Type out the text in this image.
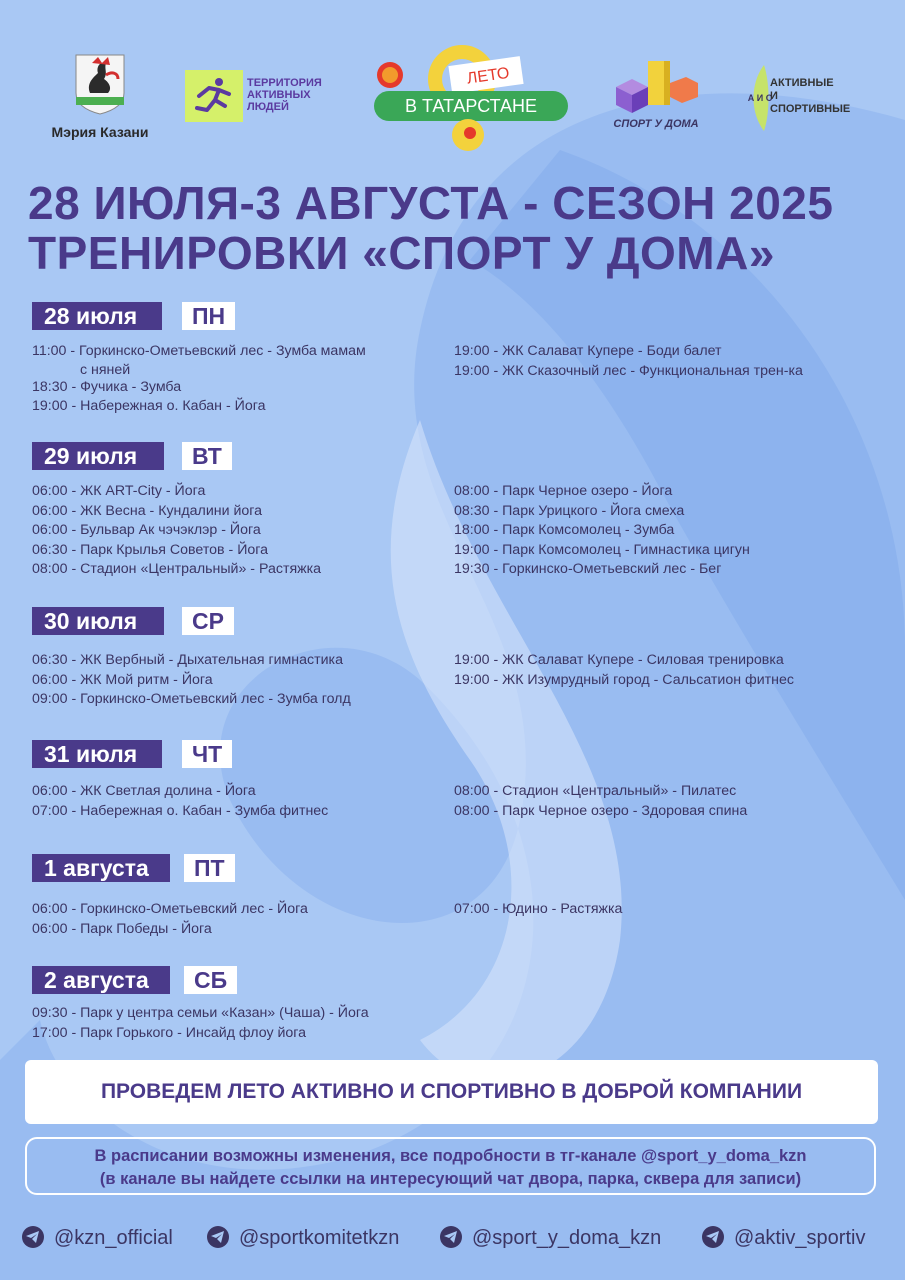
Мэрия Казани
ТЕРРИТОРИЯ
АКТИВНЫХ
ЛЮДЕЙ
ЛЕТО
В ТАТАРСТАНЕ
СПОРТ У ДОМА
А И С
АКТИВНЫЕ
И
СПОРТИВНЫЕ
28 ИЮЛЯ-3 АВГУСТА - СЕЗОН 2025
ТРЕНИРОВКИ «СПОРТ У ДОМА»
28 июля	ПН
11:00 - Горкинско-Ометьевский лес - Зумба мамам
с няней
18:30 - Фучика - Зумба
19:00 - Набережная о. Кабан - Йога
19:00 - ЖК Салават Купере - Боди балет
19:00 - ЖК Сказочный лес - Функциональная трен-ка
29 июля	ВТ
06:00 - ЖК ART-City - Йога
06:00 - ЖК Весна - Кундалини йога
06:00 - Бульвар Ак чэчэклэр - Йога
06:30 - Парк Крылья Советов - Йога
08:00 - Стадион «Центральный» - Растяжка
08:00 - Парк Черное озеро - Йога
08:30 - Парк Урицкого - Йога смеха
18:00 - Парк Комсомолец - Зумба
19:00 - Парк Комсомолец - Гимнастика цигун
19:30 - Горкинско-Ометьевский лес - Бег
30 июля	СР
06:30 - ЖК Вербный - Дыхательная гимнастика
06:00 - ЖК Мой ритм - Йога
09:00 - Горкинско-Ометьевский лес - Зумба голд
19:00 - ЖК Салават Купере - Силовая тренировка
19:00 - ЖК Изумрудный город - Сальсатион фитнес
31 июля	ЧТ
06:00 - ЖК Светлая долина - Йога
07:00 - Набережная о. Кабан - Зумба фитнес
08:00 - Стадион «Центральный» - Пилатес
08:00 - Парк Черное озеро - Здоровая спина
1 августа	ПТ
06:00 - Горкинско-Ометьевский лес - Йога
06:00 - Парк Победы - Йога
07:00 - Юдино - Растяжка
2 августа	СБ
09:30 - Парк у центра семьи «Казан» (Чаша) - Йога
17:00 - Парк Горького - Инсайд флоу йога
ПРОВЕДЕМ ЛЕТО АКТИВНО И СПОРТИВНО В ДОБРОЙ КОМПАНИИ
В расписании возможны изменения, все подробности в тг-канале @sport_y_doma_kzn
(в канале вы найдете ссылки на интересующий чат двора, парка, сквера для записи)
@kzn_official	@sportkomitetkzn	@sport_y_doma_kzn	@aktiv_sportiv
